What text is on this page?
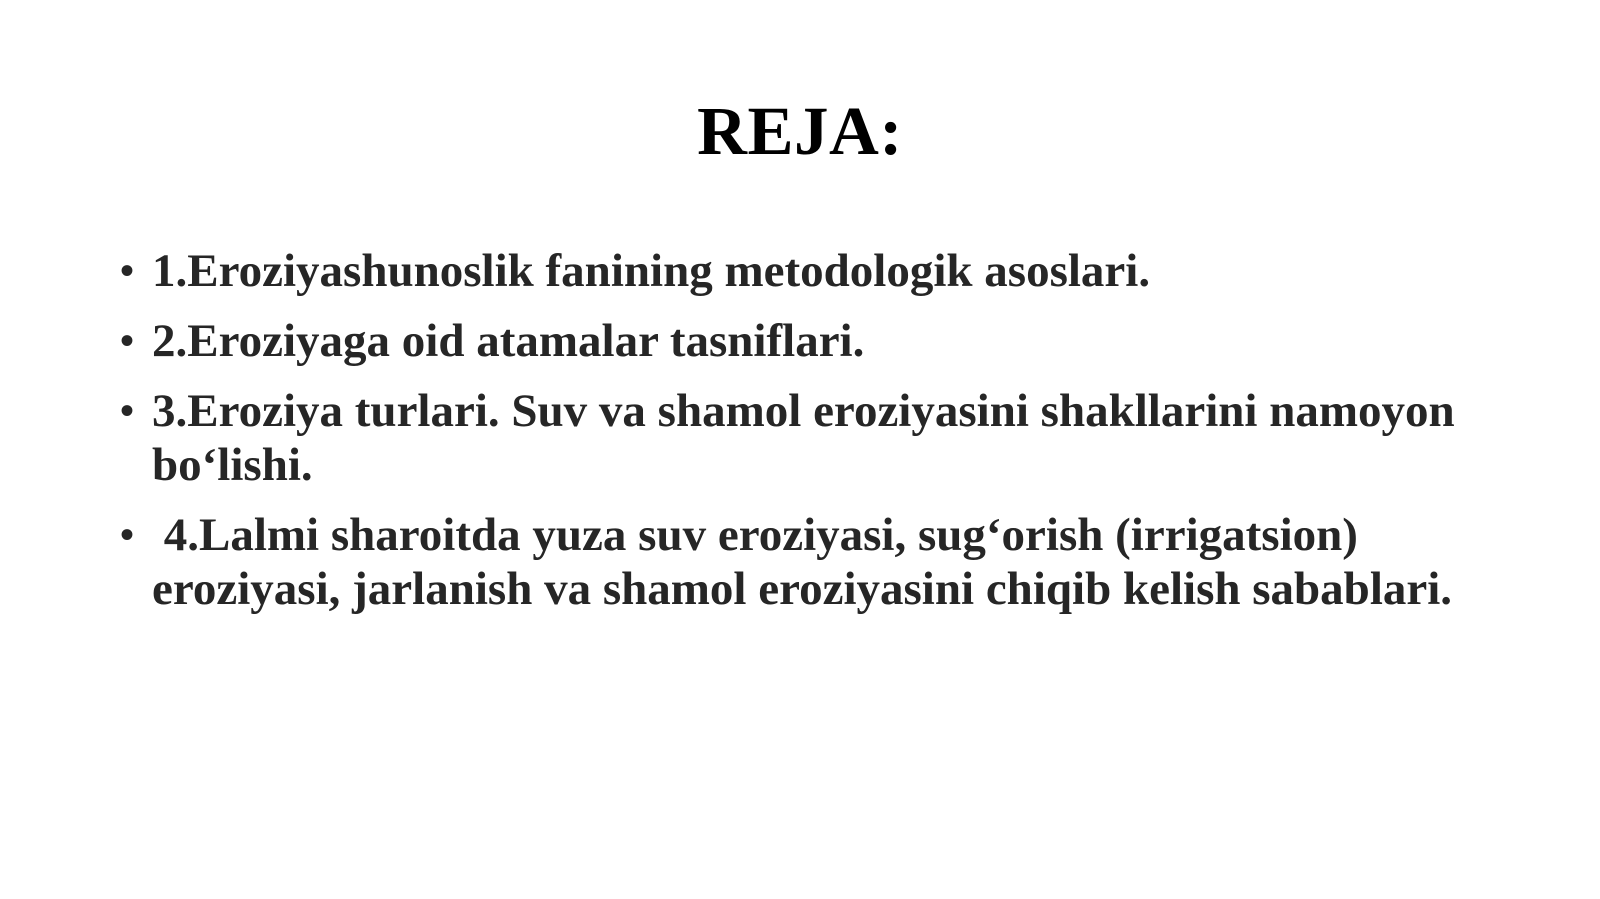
REJA:
• 1.Eroziyashunoslik fanining metodologik asoslari.
• 2.Eroziyaga oid atamalar tasniflari.
• 3.Eroziya turlari. Suv va shamol eroziyasini shakllarini namoyon bo‘lishi.
• 4.Lalmi sharoitda yuza suv eroziyasi, sug‘orish (irrigatsion) eroziyasi, jarlanish va shamol eroziyasini chiqib kelish sabablari.
